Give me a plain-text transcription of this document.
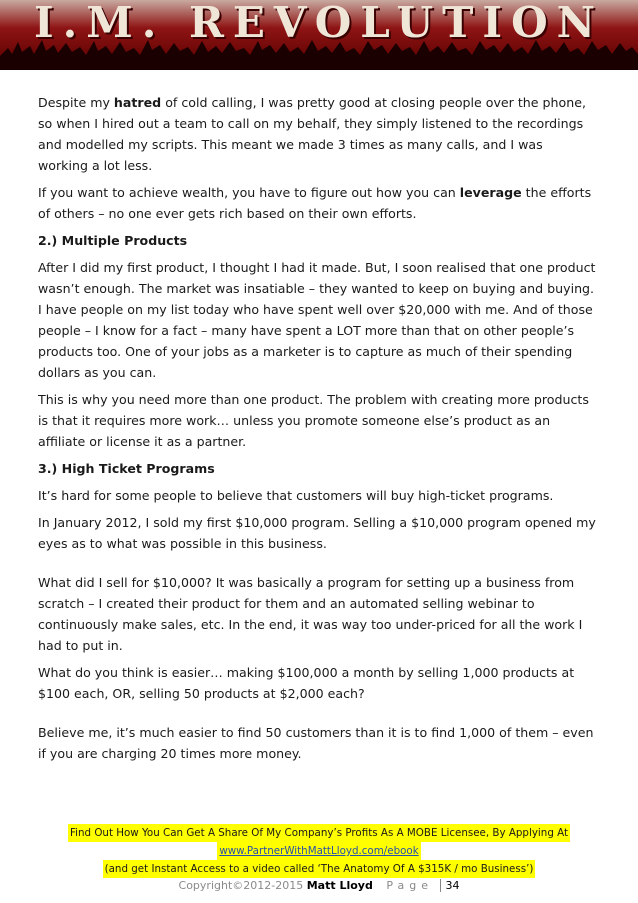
I.M. REVOLUTION

Despite my hatred of cold calling, I was pretty good at closing people over the phone, so when I hired out a team to call on my behalf, they simply listened to the recordings and modelled my scripts. This meant we made 3 times as many calls, and I was working a lot less.

If you want to achieve wealth, you have to figure out how you can leverage the efforts of others – no one ever gets rich based on their own efforts.

2.) Multiple Products

After I did my first product, I thought I had it made. But, I soon realised that one product wasn’t enough. The market was insatiable – they wanted to keep on buying and buying. I have people on my list today who have spent well over $20,000 with me. And of those people – I know for a fact – many have spent a LOT more than that on other people’s products too. One of your jobs as a marketer is to capture as much of their spending dollars as you can.

This is why you need more than one product. The problem with creating more products is that it requires more work… unless you promote someone else’s product as an affiliate or license it as a partner.

3.) High Ticket Programs

It’s hard for some people to believe that customers will buy high-ticket programs.

In January 2012, I sold my first $10,000 program. Selling a $10,000 program opened my eyes as to what was possible in this business.

What did I sell for $10,000? It was basically a program for setting up a business from scratch – I created their product for them and an automated selling webinar to continuously make sales, etc. In the end, it was way too under-priced for all the work I had to put in.

What do you think is easier… making $100,000 a month by selling 1,000 products at $100 each, OR, selling 50 products at $2,000 each?

Believe me, it’s much easier to find 50 customers than it is to find 1,000 of them – even if you are charging 20 times more money.

Find Out How You Can Get A Share Of My Company’s Profits As A MOBE Licensee, By Applying At
www.PartnerWithMattLloyd.com/ebook
(and get Instant Access to a video called ‘The Anatomy Of A $315K / mo Business’)
Copyright©2012-2015 Matt Lloyd Page 34
